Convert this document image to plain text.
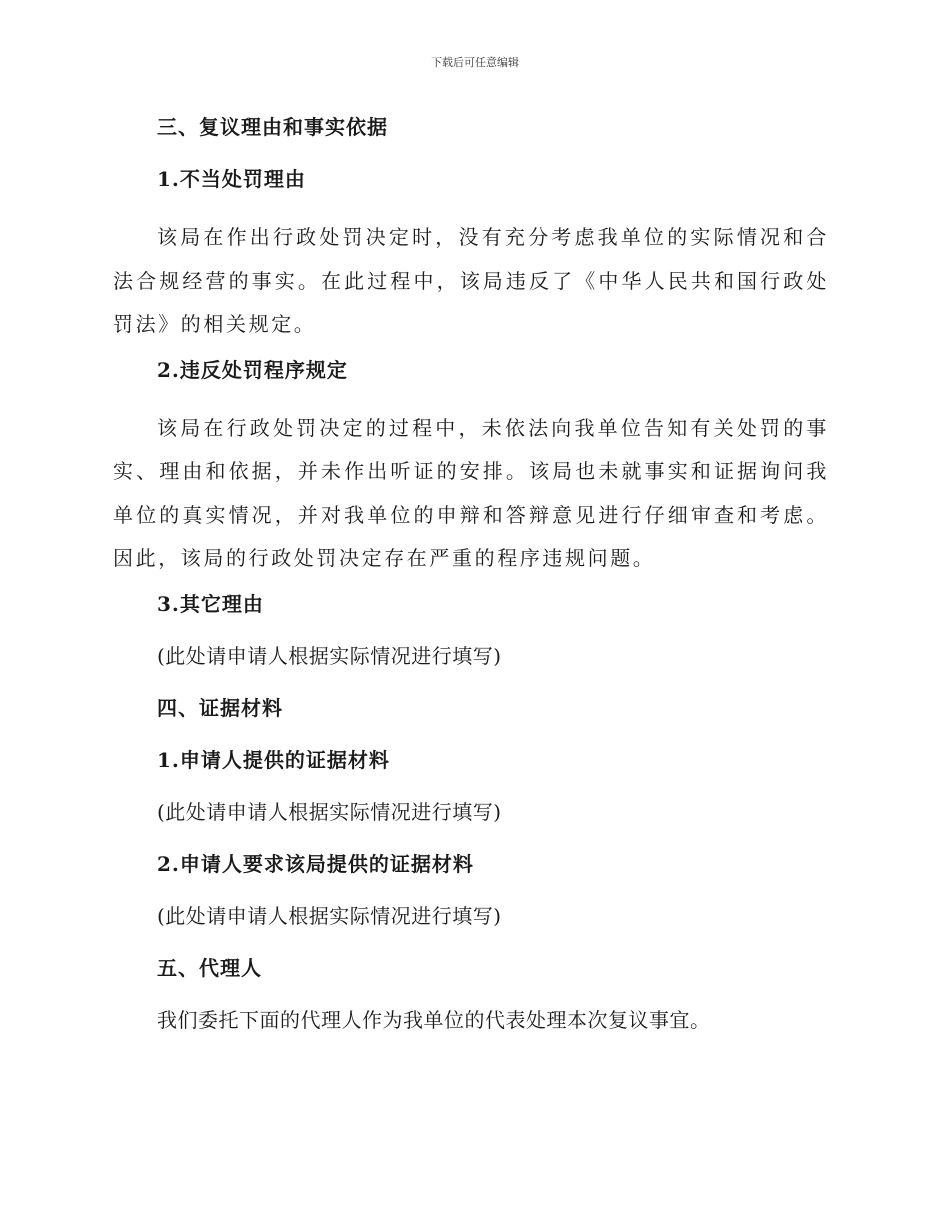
下载后可任意编辑
三、复议理由和事实依据
1.不当处罚理由
该局在作出行政处罚决定时，没有充分考虑我单位的实际情况和合法合规经营的事实。在此过程中，该局违反了《中华人民共和国行政处罚法》的相关规定。
2.违反处罚程序规定
该局在行政处罚决定的过程中，未依法向我单位告知有关处罚的事实、理由和依据，并未作出听证的安排。该局也未就事实和证据询问我单位的真实情况，并对我单位的申辩和答辩意见进行仔细审查和考虑。因此，该局的行政处罚决定存在严重的程序违规问题。
3.其它理由
(此处请申请人根据实际情况进行填写)
四、证据材料
1.申请人提供的证据材料
(此处请申请人根据实际情况进行填写)
2.申请人要求该局提供的证据材料
(此处请申请人根据实际情况进行填写)
五、代理人
我们委托下面的代理人作为我单位的代表处理本次复议事宜。
